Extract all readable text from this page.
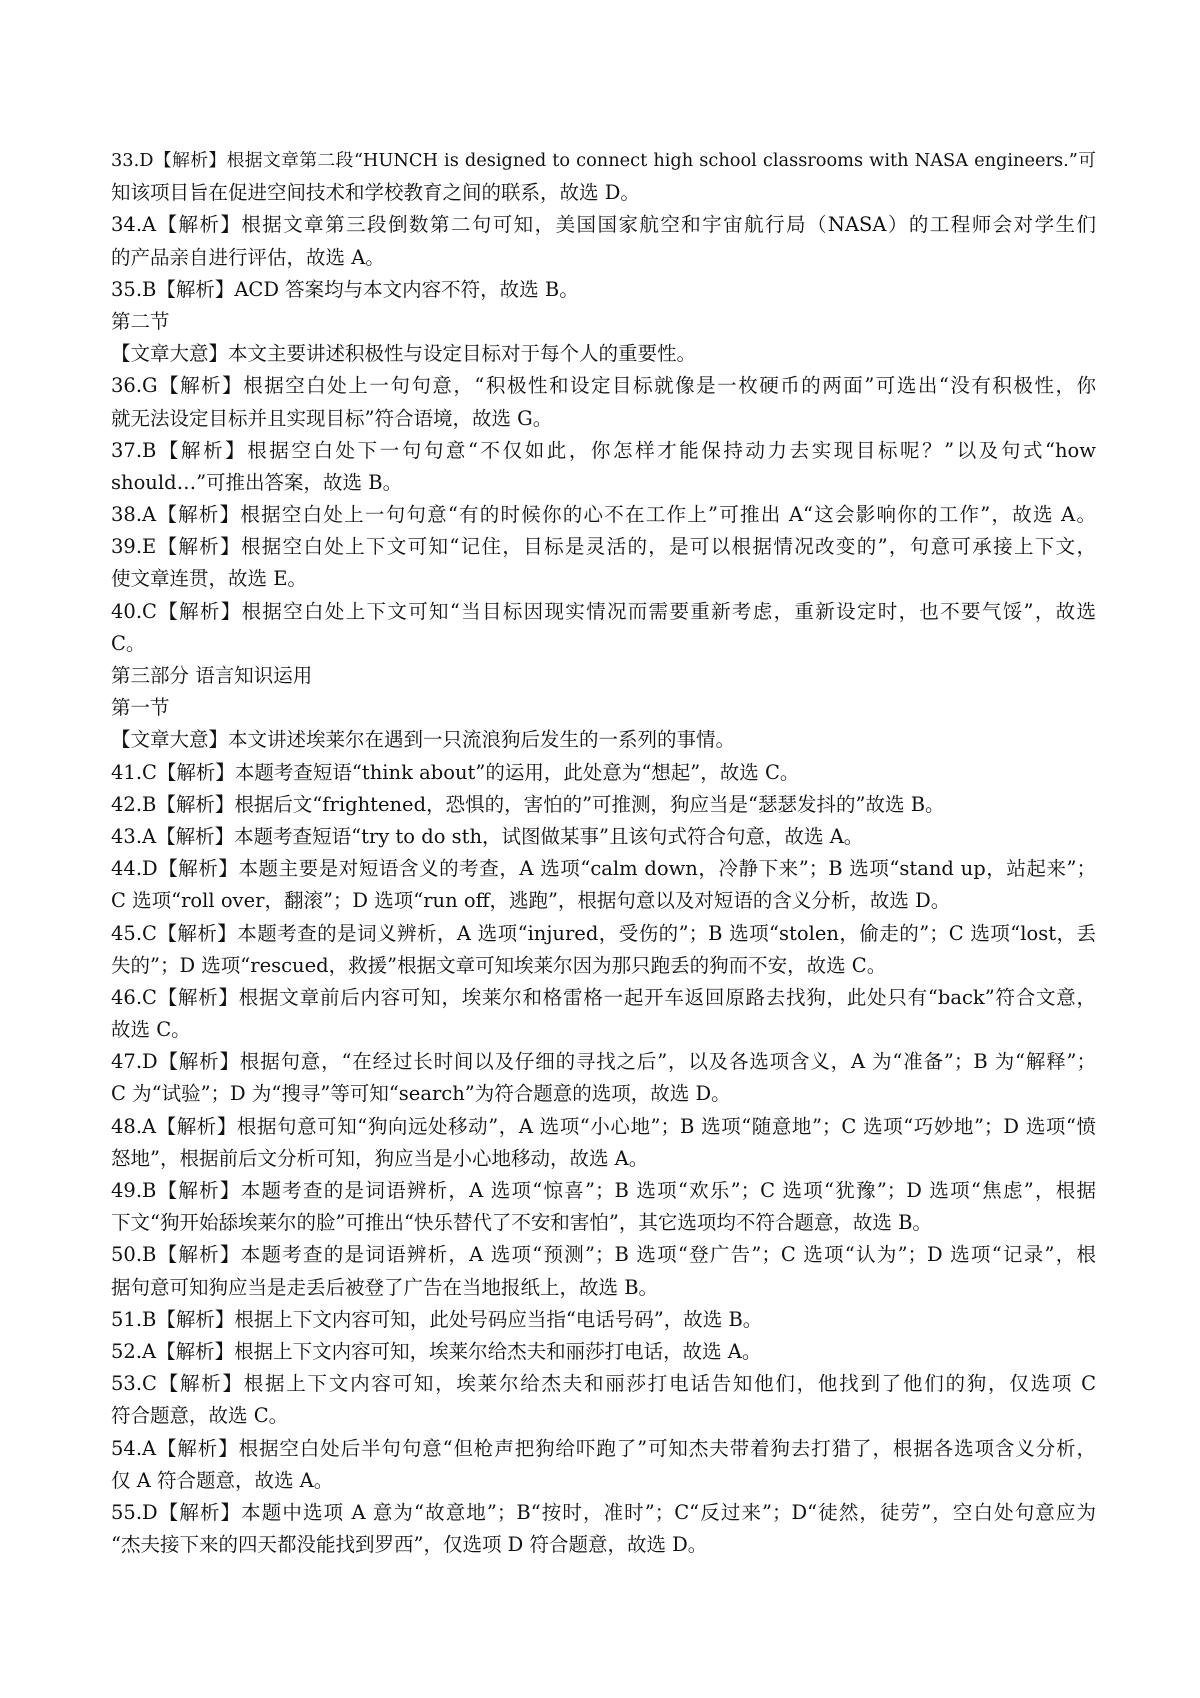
33.D【解析】根据文章第二段“HUNCH is designed to connect high school classrooms with NASA engineers.”可
知该项目旨在促进空间技术和学校教育之间的联系，故选 D。
34.A【解析】根据文章第三段倒数第二句可知，美国国家航空和宇宙航行局（NASA）的工程师会对学生们
的产品亲自进行评估，故选 A。
35.B【解析】ACD 答案均与本文内容不符，故选 B。
第二节
【文章大意】本文主要讲述积极性与设定目标对于每个人的重要性。
36.G【解析】根据空白处上一句句意，“积极性和设定目标就像是一枚硬币的两面”可选出“没有积极性，你
就无法设定目标并且实现目标”符合语境，故选 G。
37.B【解析】根据空白处下一句句意“不仅如此，你怎样才能保持动力去实现目标呢？”以及句式“how
should…”可推出答案，故选 B。
38.A【解析】根据空白处上一句句意“有的时候你的心不在工作上”可推出 A“这会影响你的工作”，故选 A。
39.E【解析】根据空白处上下文可知“记住，目标是灵活的，是可以根据情况改变的”，句意可承接上下文，
使文章连贯，故选 E。
40.C【解析】根据空白处上下文可知“当目标因现实情况而需要重新考虑，重新设定时，也不要气馁”，故选
C。
第三部分 语言知识运用
第一节
【文章大意】本文讲述埃莱尔在遇到一只流浪狗后发生的一系列的事情。
41.C【解析】本题考查短语“think about”的运用，此处意为“想起”，故选 C。
42.B【解析】根据后文“frightened，恐惧的，害怕的”可推测，狗应当是“瑟瑟发抖的”故选 B。
43.A【解析】本题考查短语“try to do sth，试图做某事”且该句式符合句意，故选 A。
44.D【解析】本题主要是对短语含义的考查，A 选项“calm down，冷静下来”；B 选项“stand up，站起来”；
C 选项“roll over，翻滚”；D 选项“run off，逃跑”，根据句意以及对短语的含义分析，故选 D。
45.C【解析】本题考查的是词义辨析，A 选项“injured，受伤的”；B 选项“stolen，偷走的”；C 选项“lost，丢
失的”；D 选项“rescued，救援”根据文章可知埃莱尔因为那只跑丢的狗而不安，故选 C。
46.C【解析】根据文章前后内容可知，埃莱尔和格雷格一起开车返回原路去找狗，此处只有“back”符合文意，
故选 C。
47.D【解析】根据句意，“在经过长时间以及仔细的寻找之后”，以及各选项含义，A 为“准备”；B 为“解释”；
C 为“试验”；D 为“搜寻”等可知“search”为符合题意的选项，故选 D。
48.A【解析】根据句意可知“狗向远处移动”，A 选项“小心地”；B 选项“随意地”；C 选项“巧妙地”；D 选项“愤
怒地”，根据前后文分析可知，狗应当是小心地移动，故选 A。
49.B【解析】本题考查的是词语辨析，A 选项“惊喜”；B 选项“欢乐”；C 选项“犹豫”；D 选项“焦虑”，根据
下文“狗开始舔埃莱尔的脸”可推出“快乐替代了不安和害怕”，其它选项均不符合题意，故选 B。
50.B【解析】本题考查的是词语辨析，A 选项“预测”；B 选项“登广告”；C 选项“认为”；D 选项“记录”，根
据句意可知狗应当是走丢后被登了广告在当地报纸上，故选 B。
51.B【解析】根据上下文内容可知，此处号码应当指“电话号码”，故选 B。
52.A【解析】根据上下文内容可知，埃莱尔给杰夫和丽莎打电话，故选 A。
53.C【解析】根据上下文内容可知，埃莱尔给杰夫和丽莎打电话告知他们，他找到了他们的狗，仅选项 C
符合题意，故选 C。
54.A【解析】根据空白处后半句句意“但枪声把狗给吓跑了”可知杰夫带着狗去打猎了，根据各选项含义分析，
仅 A 符合题意，故选 A。
55.D【解析】本题中选项 A 意为“故意地”；B“按时，准时”；C“反过来”；D“徒然，徒劳”，空白处句意应为
“杰夫接下来的四天都没能找到罗西”，仅选项 D 符合题意，故选 D。
